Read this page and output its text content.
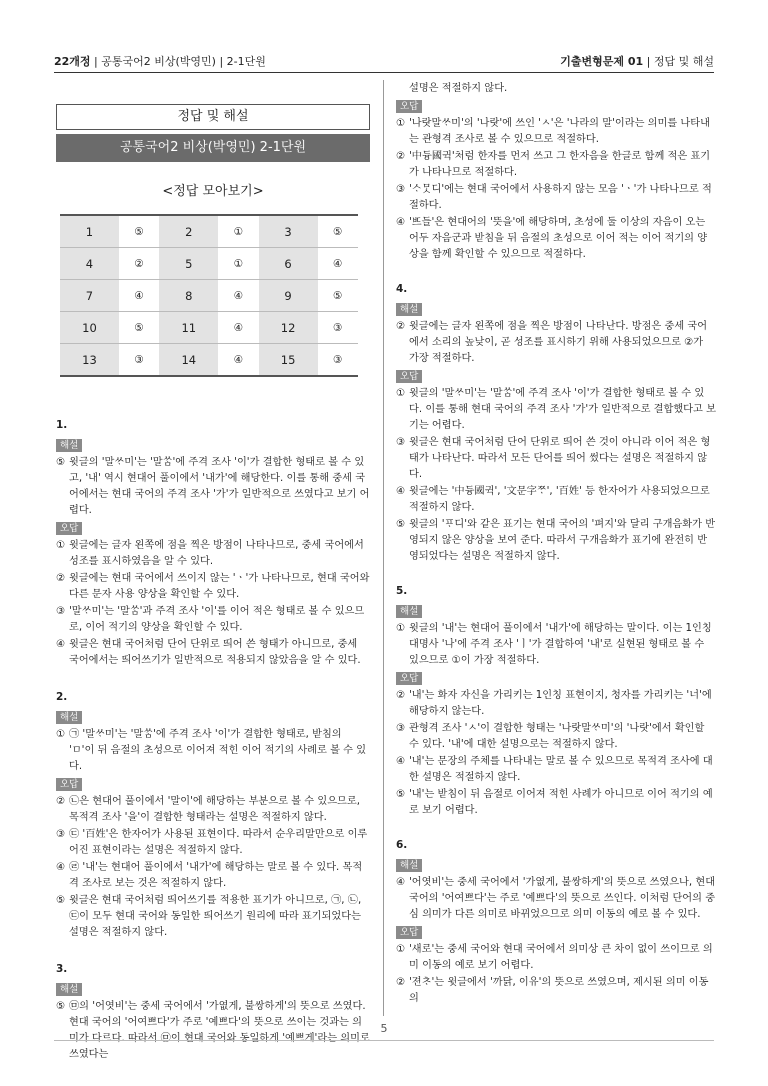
22개정 | 공통국어2 비상(박영민) | 2-1단원	기출변형문제 01 | 정답 및 해설
정답 및 해설
공통국어2 비상(박영민) 2-1단원
<정답 모아보기>
1	⑤	2	①	3	⑤
4	②	5	①	6	④
7	④	8	④	9	⑤
10	⑤	11	④	12	③
13	③	14	④	15	③
1.
해설
⑤ 윗글의 '말ᄊᆞ미'는 '말ᄊᆞᆷ'에 주격 조사 '이'가 결합한 형태로 볼 수 있고, '내' 역시 현대어 풀이에서 '내가'에 해당한다. 이를 통해 중세 국어에서는 현대 국어의 주격 조사 '가'가 일반적으로 쓰였다고 보기 어렵다.
오답
① 윗글에는 글자 왼쪽에 점을 찍은 방점이 나타나므로, 중세 국어에서 성조를 표시하였음을 알 수 있다.
② 윗글에는 현대 국어에서 쓰이지 않는 'ㆍ'가 나타나므로, 현대 국어와 다른 문자 사용 양상을 확인할 수 있다.
③ '말ᄊᆞ미'는 '말ᄊᆞᆷ'과 주격 조사 '이'를 이어 적은 형태로 볼 수 있으므로, 이어 적기의 양상을 확인할 수 있다.
④ 윗글은 현대 국어처럼 단어 단위로 띄어 쓴 형태가 아니므로, 중세 국어에서는 띄어쓰기가 일반적으로 적용되지 않았음을 알 수 있다.
2.
해설
① ㉠ '말ᄊᆞ미'는 '말ᄊᆞᆷ'에 주격 조사 '이'가 결합한 형태로, 받침의 'ㅁ'이 뒤 음절의 초성으로 이어져 적힌 이어 적기의 사례로 볼 수 있다.
오답
② ㉡은 현대어 풀이에서 '말이'에 해당하는 부분으로 볼 수 있으므로, 목적격 조사 '을'이 결합한 형태라는 설명은 적절하지 않다.
③ ㉢ '百姓'은 한자어가 사용된 표현이다. 따라서 순우리말만으로 이루어진 표현이라는 설명은 적절하지 않다.
④ ㉣ '내'는 현대어 풀이에서 '내가'에 해당하는 말로 볼 수 있다. 목적격 조사로 보는 것은 적절하지 않다.
⑤ 윗글은 현대 국어처럼 띄어쓰기를 적용한 표기가 아니므로, ㉠, ㉡, ㉢이 모두 현대 국어와 동일한 띄어쓰기 원리에 따라 표기되었다는 설명은 적절하지 않다.
3.
해설
⑤ ㉤의 '어엿비'는 중세 국어에서 '가엾게, 불쌍하게'의 뜻으로 쓰였다. 현대 국어의 '어여쁘다'가 주로 '예쁘다'의 뜻으로 쓰이는 것과는 의미가 다르다. 따라서 ㉤이 현대 국어와 동일하게 '예쁘게'라는 의미로 쓰였다는
설명은 적절하지 않다.
오답
① '나랏말ᄊᆞ미'의 '나랏'에 쓰인 'ㅅ'은 '나라의 말'이라는 의미를 나타내는 관형격 조사로 볼 수 있으므로 적절하다.
② '中듕國귁'처럼 한자를 먼저 쓰고 그 한자음을 한글로 함께 적은 표기가 나타나므로 적절하다.
③ 'ᄉᆞᄆᆞᆺ디'에는 현대 국어에서 사용하지 않는 모음 'ㆍ'가 나타나므로 적절하다.
④ 'ᄠᅳ들'은 현대어의 '뜻을'에 해당하며, 초성에 둘 이상의 자음이 오는 어두 자음군과 받침을 뒤 음절의 초성으로 이어 적는 이어 적기의 양상을 함께 확인할 수 있으므로 적절하다.
4.
해설
② 윗글에는 글자 왼쪽에 점을 찍은 방점이 나타난다. 방점은 중세 국어에서 소리의 높낮이, 곧 성조를 표시하기 위해 사용되었으므로 ②가 가장 적절하다.
오답
① 윗글의 '말ᄊᆞ미'는 '말ᄊᆞᆷ'에 주격 조사 '이'가 결합한 형태로 볼 수 있다. 이를 통해 현대 국어의 주격 조사 '가'가 일반적으로 결합했다고 보기는 어렵다.
③ 윗글은 현대 국어처럼 단어 단위로 띄어 쓴 것이 아니라 이어 적은 형태가 나타난다. 따라서 모든 단어를 띄어 썼다는 설명은 적절하지 않다.
④ 윗글에는 '中듕國귁', '文문字ᄍᆞ', '百姓' 등 한자어가 사용되었으므로 적절하지 않다.
⑤ 윗글의 'ᄑᆞ디'와 같은 표기는 현대 국어의 '펴지'와 달리 구개음화가 반영되지 않은 양상을 보여 준다. 따라서 구개음화가 표기에 완전히 반영되었다는 설명은 적절하지 않다.
5.
해설
① 윗글의 '내'는 현대어 풀이에서 '내가'에 해당하는 말이다. 이는 1인칭 대명사 '나'에 주격 조사 'ㅣ'가 결합하여 '내'로 실현된 형태로 볼 수 있으므로 ①이 가장 적절하다.
오답
② '내'는 화자 자신을 가리키는 1인칭 표현이지, 청자를 가리키는 '너'에 해당하지 않는다.
③ 관형격 조사 'ㅅ'이 결합한 형태는 '나랏말ᄊᆞ미'의 '나랏'에서 확인할 수 있다. '내'에 대한 설명으로는 적절하지 않다.
④ '내'는 문장의 주체를 나타내는 말로 볼 수 있으므로 목적격 조사에 대한 설명은 적절하지 않다.
⑤ '내'는 받침이 뒤 음절로 이어져 적힌 사례가 아니므로 이어 적기의 예로 보기 어렵다.
6.
해설
④ '어엿비'는 중세 국어에서 '가엾게, 불쌍하게'의 뜻으로 쓰였으나, 현대 국어의 '어여쁘다'는 주로 '예쁘다'의 뜻으로 쓰인다. 이처럼 단어의 중심 의미가 다른 의미로 바뀌었으므로 의미 이동의 예로 볼 수 있다.
오답
① '새로'는 중세 국어와 현대 국어에서 의미상 큰 차이 없이 쓰이므로 의미 이동의 예로 보기 어렵다.
② '젼ᄎᆞ'는 윗글에서 '까닭, 이유'의 뜻으로 쓰였으며, 제시된 의미 이동의
5
